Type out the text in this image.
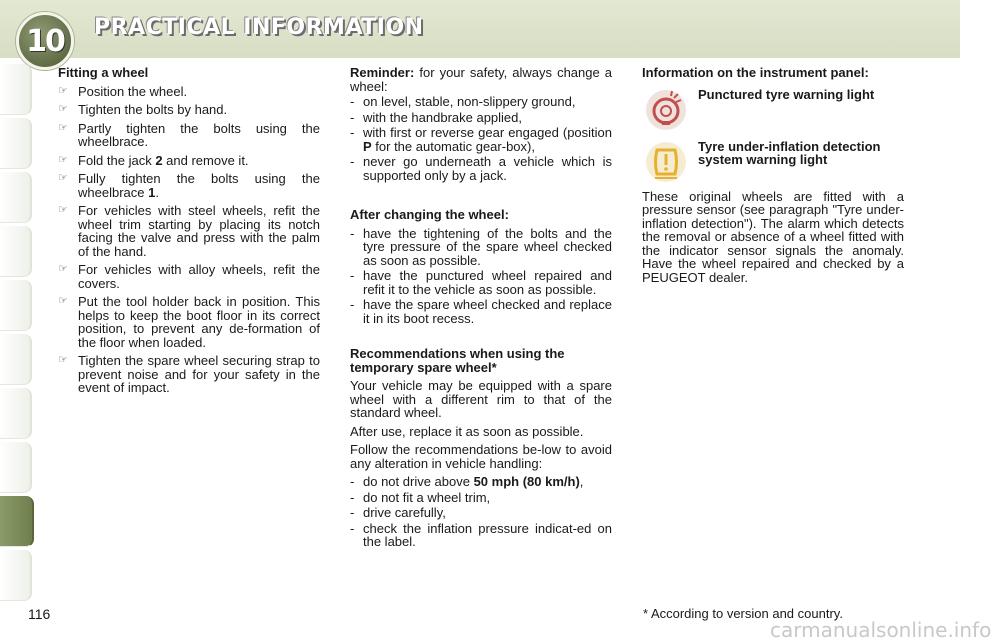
10 PRACTICAL INFORMATION
Fitting a wheel
☞ Position the wheel.
☞ Tighten the bolts by hand.
☞ Partly tighten the bolts using the wheelbrace.
☞ Fold the jack 2 and remove it.
☞ Fully tighten the bolts using the wheelbrace 1.
☞ For vehicles with steel wheels, refit the wheel trim starting by placing its notch facing the valve and press with the palm of the hand.
☞ For vehicles with alloy wheels, refit the covers.
☞ Put the tool holder back in position. This helps to keep the boot floor in its correct position, to prevent any de-formation of the floor when loaded.
☞ Tighten the spare wheel securing strap to prevent noise and for your safety in the event of impact.

Reminder: for your safety, always change a wheel:

- on level, stable, non-slippery ground,
- with the handbrake applied,
- with first or reverse gear engaged (position P for the automatic gear-box),
- never go underneath a vehicle which is supported only by a jack.
After changing the wheel:
- have the tightening of the bolts and the tyre pressure of the spare wheel checked as soon as possible.
- have the punctured wheel repaired and refit it to the vehicle as soon as possible.
- have the spare wheel checked and replace it in its boot recess.
Recommendations when using the temporary spare wheel*

Your vehicle may be equipped with a spare wheel with a different rim to that of the standard wheel.

After use, replace it as soon as possible.

Follow the recommendations be-low to avoid any alteration in vehicle handling:

- do not drive above 50 mph (80 km/h),
- do not fit a wheel trim,
- drive carefully,
- check the inflation pressure indicat-ed on the label.
Information on the instrument panel:
Punctured tyre warning light
Tyre under-inflation detection system warning light

These original wheels are fitted with a pressure sensor (see paragraph "Tyre under-inflation detection"). The alarm which detects the removal or absence of a wheel fitted with the indicator sensor signals the anomaly. Have the wheel repaired and checked by a PEUGEOT dealer.

116	* According to version and country.
carmanualsonline.info
